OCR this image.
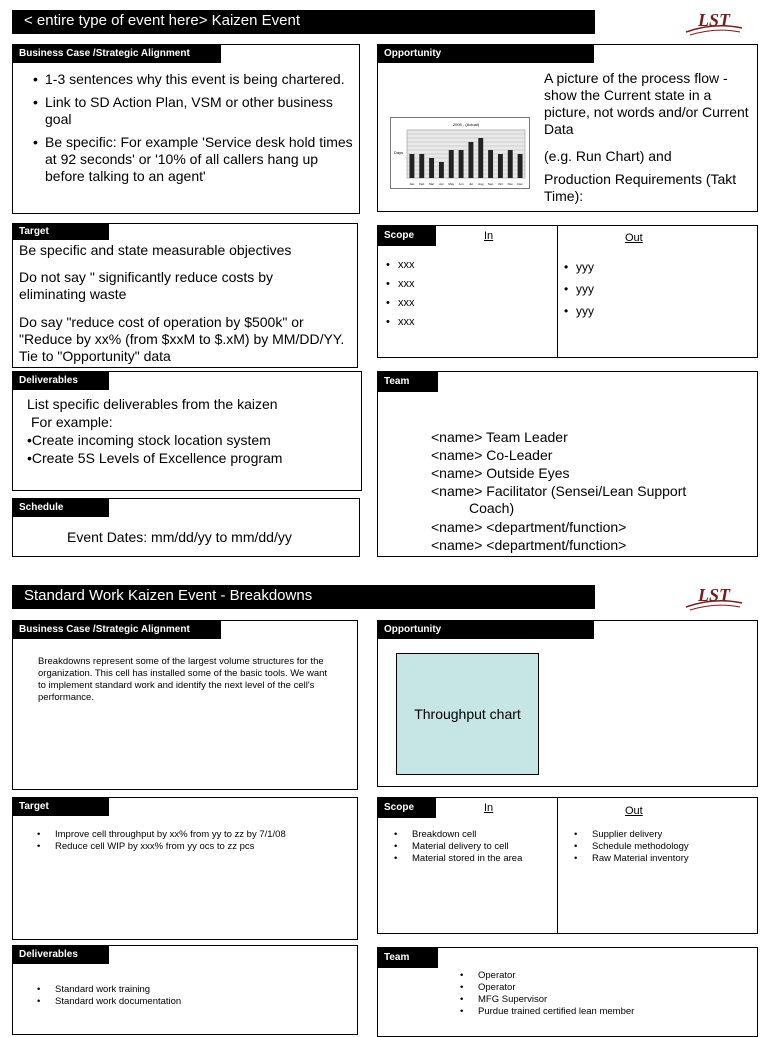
< entire type of event here> Kaizen Event	LST
Business Case /Strategic Alignment
• 1-3 sentences why this event is being chartered.
• Link to SD Action Plan, VSM or other business goal
• Be specific: For example 'Service desk hold times at 92 seconds' or '10% of all callers hang up before talking to an agent'
Opportunity
2005 - (Actual)
Days
Jan Feb Mar Apr May Jun Jul Aug Sep Oct Nov Dec
A picture of the process flow - show the Current state in a picture, not words and/or Current Data
(e.g. Run Chart) and
Production Requirements (Takt Time):
Target
Be specific and state measurable objectives
Do not say " significantly reduce costs by eliminating waste
Do say "reduce cost of operation by $500k" or "Reduce by xx% (from $xxM to $.xM) by MM/DD/YY. Tie to "Opportunity" data
Scope	In	Out
• xxx
• xxx
• xxx
• xxx
• yyy
• yyy
• yyy
Deliverables
List specific deliverables from the kaizen
For example:
•Create incoming stock location system
•Create 5S Levels of Excellence program
Team
<name> Team Leader
<name> Co-Leader
<name> Outside Eyes
<name> Facilitator (Sensei/Lean Support
Coach)
<name> <department/function>
<name> <department/function>
Schedule
Event Dates: mm/dd/yy to mm/dd/yy
Standard Work Kaizen Event - Breakdowns	LST
Business Case /Strategic Alignment
Breakdowns represent some of the largest volume structures for the organization. This cell has installed some of the basic tools. We want to implement standard work and identify the next level of the cell's performance.
Opportunity
Throughput chart
Target
• Improve cell throughput by xx% from yy to zz by 7/1/08
• Reduce cell WIP by xxx% from yy ocs to zz pcs
Scope	In	Out
• Breakdown cell
• Material delivery to cell
• Material stored in the area
• Supplier delivery
• Schedule methodology
• Raw Material inventory
Deliverables
• Standard work training
• Standard work documentation
Team
• Operator
• Operator
• MFG Supervisor
• Purdue trained certified lean member
